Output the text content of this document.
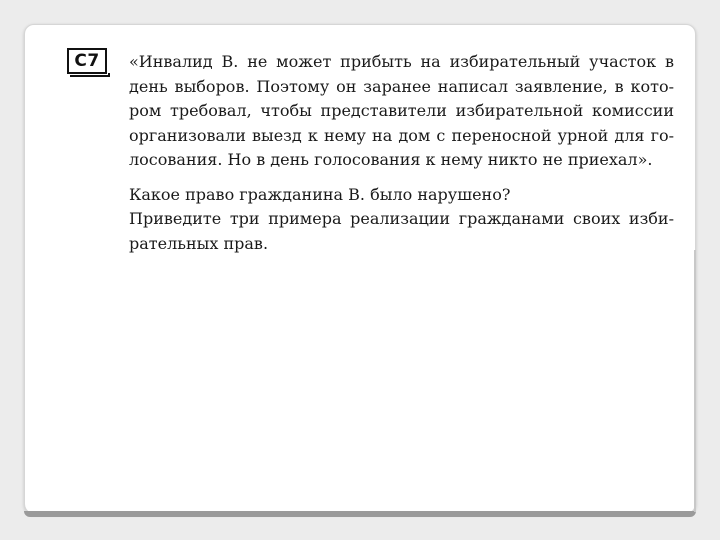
C7	«Инвалид В. не может прибыть на избирательный участок в
день выборов. Поэтому он заранее написал заявление, в кото-
ром требовал, чтобы представители избирательной комиссии
организовали выезд к нему на дом с переносной урной для го-
лосования. Но в день голосования к нему никто не приехал».
Какое право гражданина В. было нарушено?
Приведите три примера реализации гражданами своих изби-
рательных прав.
